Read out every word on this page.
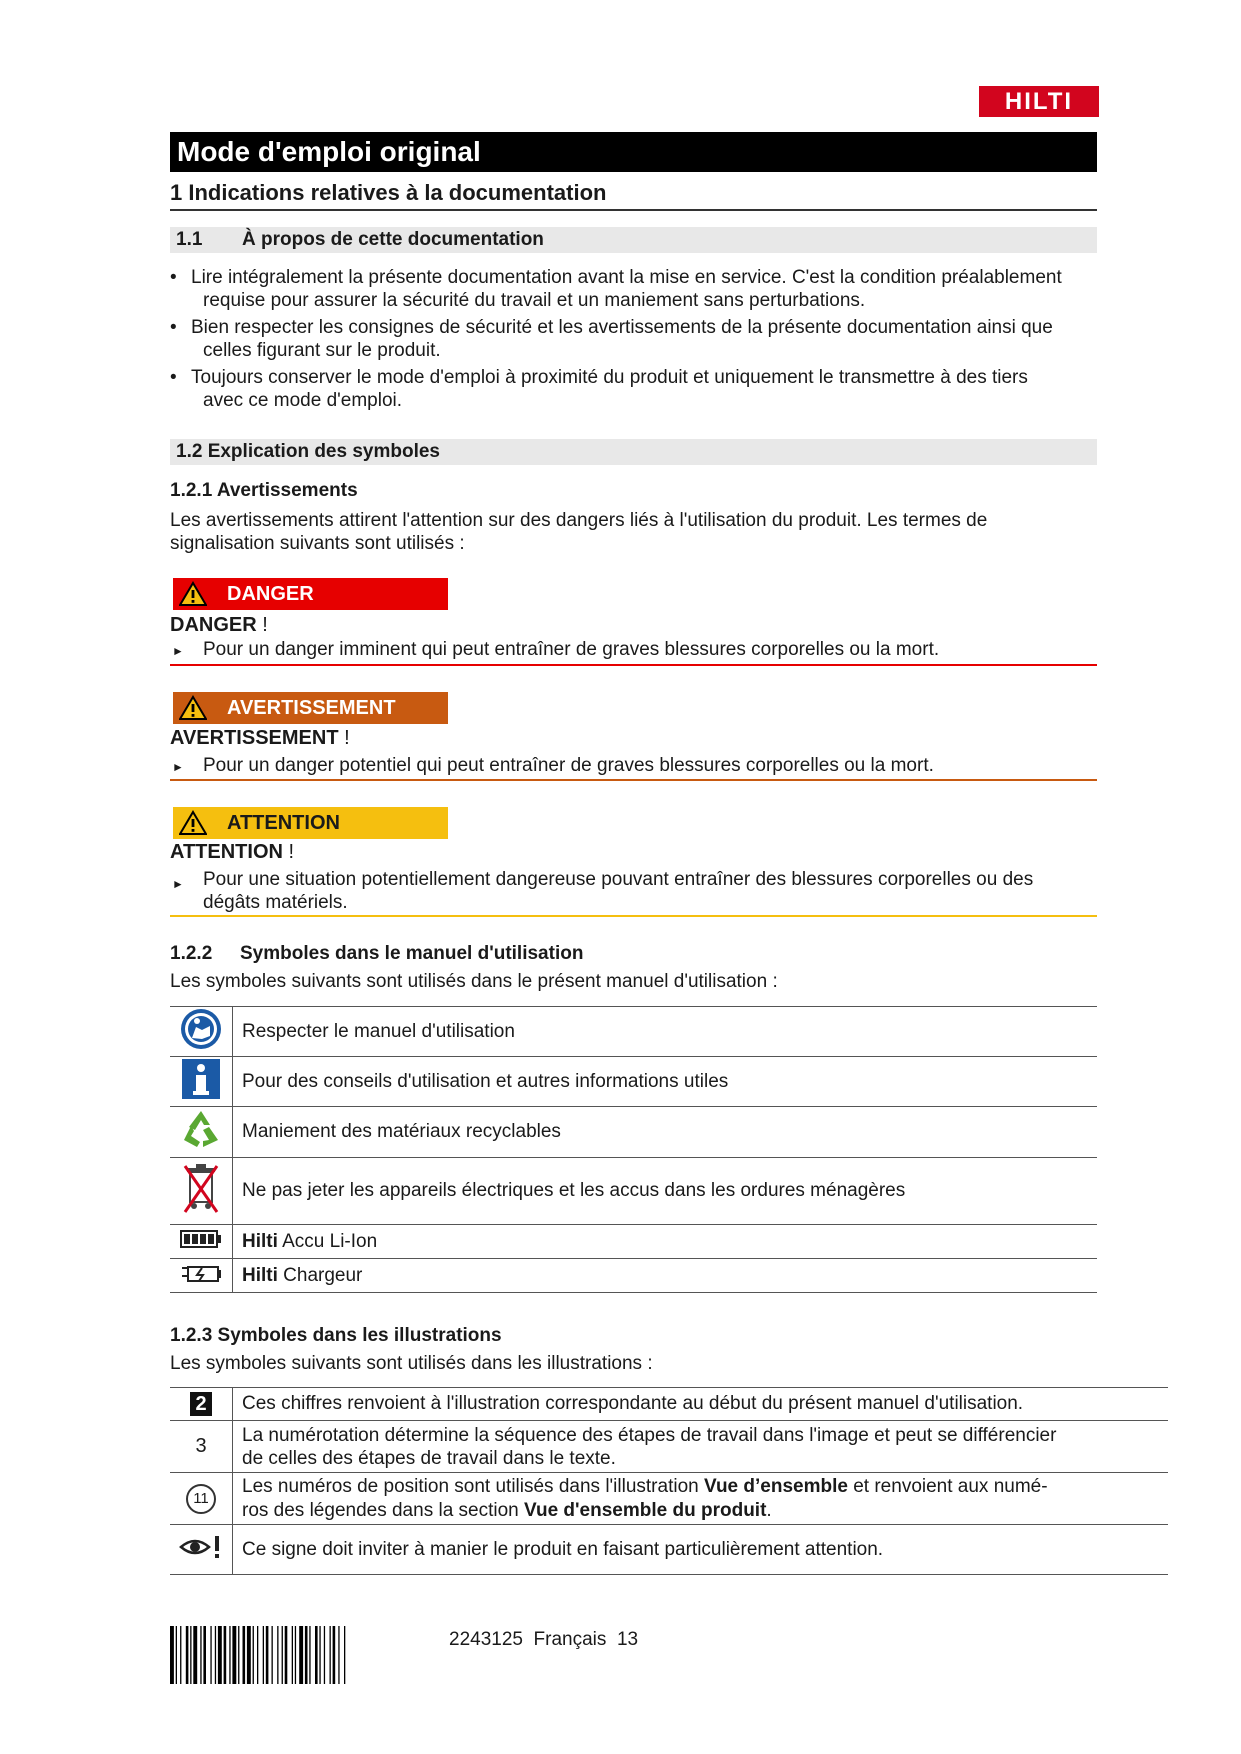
HILTI
Mode d'emploi original
1 Indications relatives à la documentation
1.1 À propos de cette documentation
• Lire intégralement la présente documentation avant la mise en service. C'est la condition préalablement
requise pour assurer la sécurité du travail et un maniement sans perturbations.
• Bien respecter les consignes de sécurité et les avertissements de la présente documentation ainsi que
celles figurant sur le produit.
• Toujours conserver le mode d'emploi à proximité du produit et uniquement le transmettre à des tiers
avec ce mode d'emploi.
1.2 Explication des symboles
1.2.1 Avertissements
Les avertissements attirent l'attention sur des dangers liés à l'utilisation du produit. Les termes de
signalisation suivants sont utilisés :
DANGER
DANGER !
►	Pour un danger imminent qui peut entraîner de graves blessures corporelles ou la mort.
AVERTISSEMENT
AVERTISSEMENT !
►	Pour un danger potentiel qui peut entraîner de graves blessures corporelles ou la mort.
ATTENTION
ATTENTION !
►	Pour une situation potentiellement dangereuse pouvant entraîner des blessures corporelles ou des
dégâts matériels.
1.2.2 Symboles dans le manuel d'utilisation
Les symboles suivants sont utilisés dans le présent manuel d'utilisation :
	Respecter le manuel d'utilisation
	Pour des conseils d'utilisation et autres informations utiles
	Maniement des matériaux recyclables
	Ne pas jeter les appareils électriques et les accus dans les ordures ménagères
	Hilti Accu Li-Ion
	Hilti Chargeur
1.2.3 Symboles dans les illustrations
Les symboles suivants sont utilisés dans les illustrations :
2	Ces chiffres renvoient à l'illustration correspondante au début du présent manuel d'utilisation.
3	La numérotation détermine la séquence des étapes de travail dans l'image et peut se différencier
de celles des étapes de travail dans le texte.

11	Les numéros de position sont utilisés dans l'illustration Vue d’ensemble et renvoient aux numé-
ros des légendes dans la section Vue d'ensemble du produit.

	Ce signe doit inviter à manier le produit en faisant particulièrement attention.
2243125 Français 13
